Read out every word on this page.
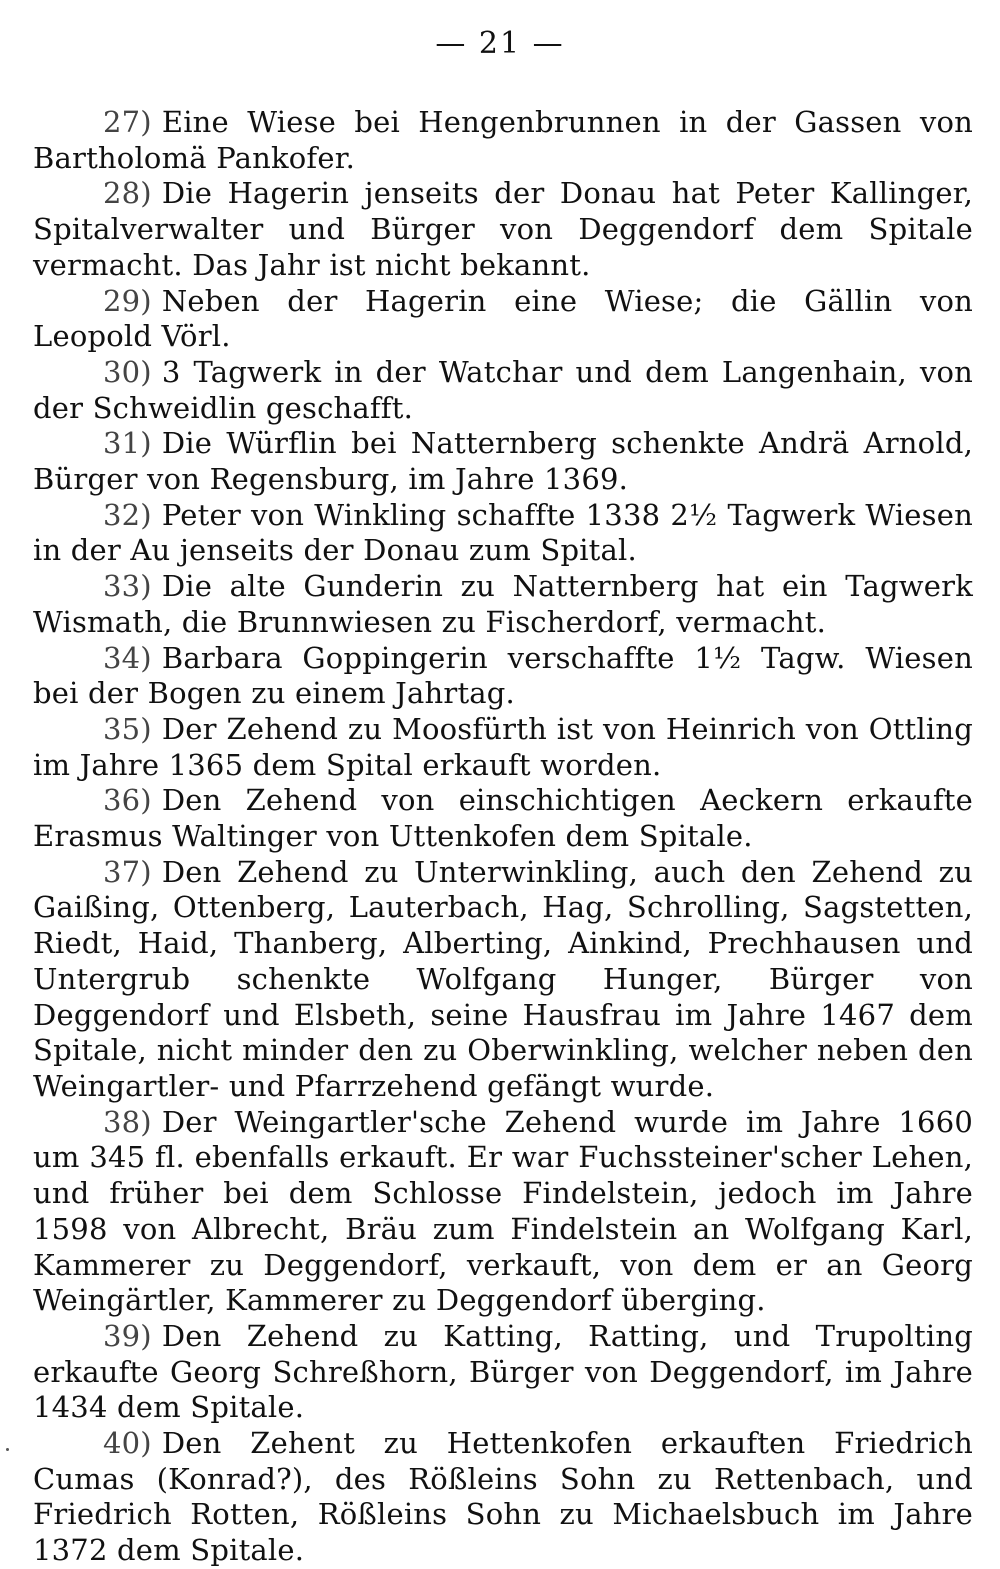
— 21 —

27) Eine Wiese bei Hengenbrunnen in der Gassen von Bartholomä Pankofer.

28) Die Hagerin jenseits der Donau hat Peter Kallinger, Spitalverwalter und Bürger von Deggendorf dem Spitale vermacht. Das Jahr ist nicht bekannt.

29) Neben der Hagerin eine Wiese; die Gällin von Leopold Vörl.

30) 3 Tagwerk in der Watchar und dem Langenhain, von der Schweidlin geschafft.

31) Die Würflin bei Natternberg schenkte Andrä Arnold, Bürger von Regensburg, im Jahre 1369.

32) Peter von Winkling schaffte 1338 2½ Tagwerk Wiesen in der Au jenseits der Donau zum Spital.

33) Die alte Gunderin zu Natternberg hat ein Tagwerk Wismath, die Brunnwiesen zu Fischerdorf, vermacht.

34) Barbara Goppingerin verschaffte 1½ Tagw. Wiesen bei der Bogen zu einem Jahrtag.

35) Der Zehend zu Moosfürth ist von Heinrich von Ottling im Jahre 1365 dem Spital erkauft worden.

36) Den Zehend von einschichtigen Aeckern erkaufte Erasmus Waltinger von Uttenkofen dem Spitale.

37) Den Zehend zu Unterwinkling, auch den Zehend zu Gaißing, Ottenberg, Lauterbach, Hag, Schrolling, Sagstetten, Riedt, Haid, Thanberg, Alberting, Ainkind, Prechhausen und Untergrub schenkte Wolfgang Hunger, Bürger von Deggendorf und Elsbeth, seine Hausfrau im Jahre 1467 dem Spitale, nicht minder den zu Oberwinkling, welcher neben den Weingartler- und Pfarrzehend gefängt wurde.

38) Der Weingartler'sche Zehend wurde im Jahre 1660 um 345 fl. ebenfalls erkauft. Er war Fuchssteiner'scher Lehen, und früher bei dem Schlosse Findelstein, jedoch im Jahre 1598 von Albrecht, Bräu zum Findelstein an Wolfgang Karl, Kammerer zu Deggendorf, verkauft, von dem er an Georg Weingärtler, Kammerer zu Deggendorf überging.

39) Den Zehend zu Katting, Ratting, und Trupolting erkaufte Georg Schreßhorn, Bürger von Deggendorf, im Jahre 1434 dem Spitale.

40) Den Zehent zu Hettenkofen erkauften Friedrich Cumas (Konrad?), des Rößleins Sohn zu Rettenbach, und Friedrich Rotten, Rößleins Sohn zu Michaelsbuch im Jahre 1372 dem Spitale.
